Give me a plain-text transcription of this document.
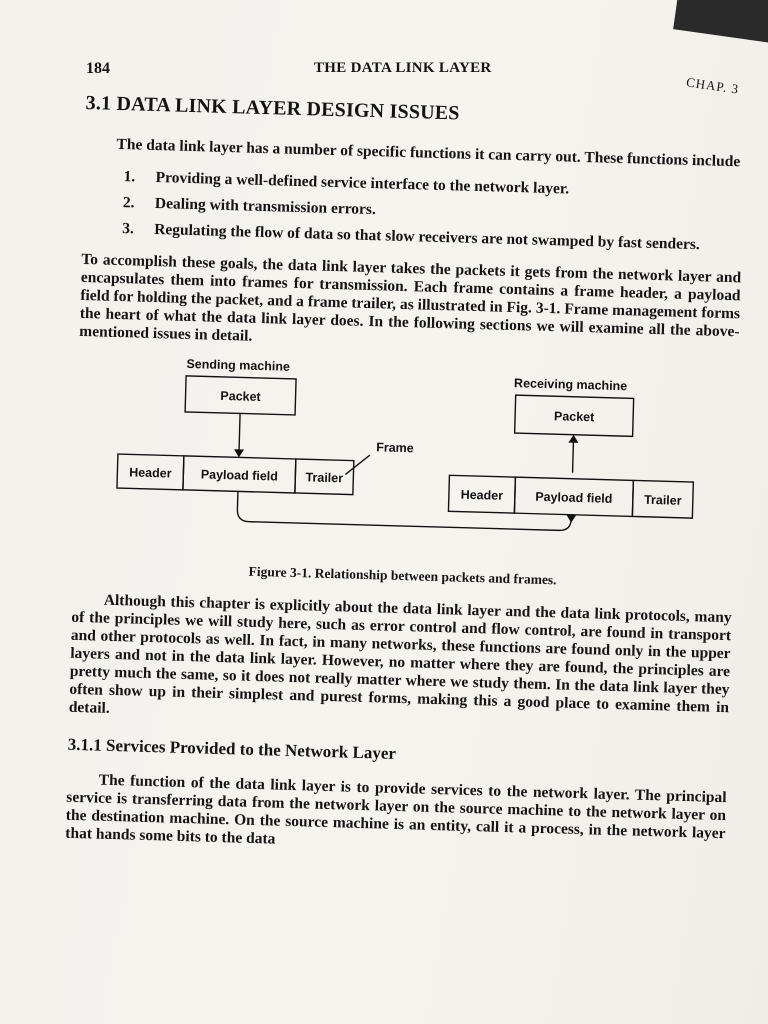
184	THE DATA LINK LAYER
CHAP. 3
3.1 DATA LINK LAYER DESIGN ISSUES

The data link layer has a number of specific functions it can carry out. These functions include

1. Providing a well-defined service interface to the network layer.
2. Dealing with transmission errors.
3. Regulating the flow of data so that slow receivers are not swamped by fast senders.

To accomplish these goals, the data link layer takes the packets it gets from the network layer and encapsulates them into frames for transmission. Each frame contains a frame header, a payload field for holding the packet, and a frame trailer, as illustrated in Fig. 3-1. Frame management forms the heart of what the data link layer does. In the following sections we will examine all the above-mentioned issues in detail.

Sending machine
Receiving machine
Packet
Packet
Frame
Header Payload field Trailer
Header	Payload field	Trailer
Figure 3-1. Relationship between packets and frames.

Although this chapter is explicitly about the data link layer and the data link protocols, many of the principles we will study here, such as error control and flow control, are found in transport and other protocols as well. In fact, in many networks, these functions are found only in the upper layers and not in the data link layer. However, no matter where they are found, the principles are pretty much the same, so it does not really matter where we study them. In the data link layer they often show up in their simplest and purest forms, making this a good place to examine them in detail.

3.1.1 Services Provided to the Network Layer

The function of the data link layer is to provide services to the network layer. The principal service is transferring data from the network layer on the source machine to the network layer on the destination machine. On the source machine is an entity, call it a process, in the network layer that hands some bits to the data
